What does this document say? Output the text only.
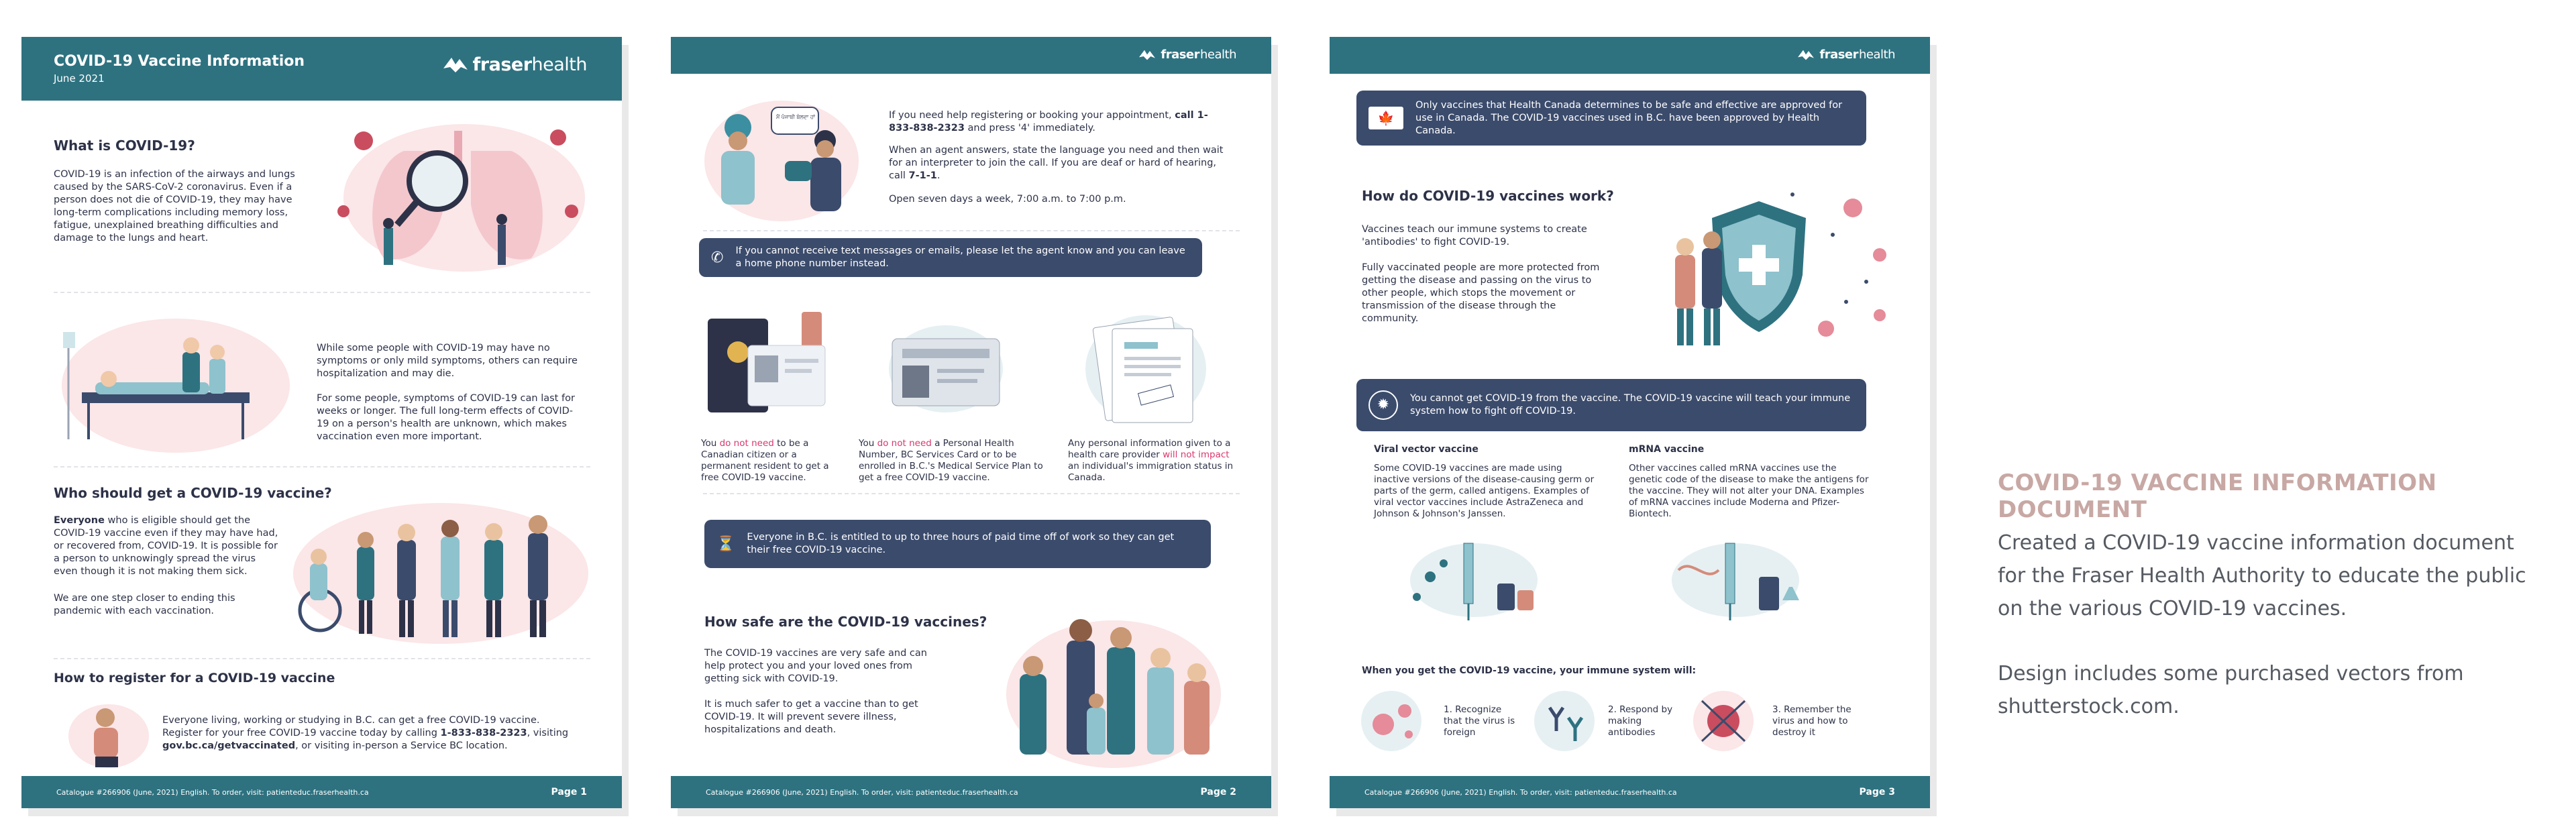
COVID-19 Vaccine Information
June 2021
fraser health
What is COVID-19?
COVID-19 is an infection of the airways and lungs caused by the SARS-CoV-2 coronavirus. Even if a person does not die of COVID-19, they may have long-term complications including memory loss, fatigue, unexplained breathing difficulties and damage to the lungs and heart.
While some people with COVID-19 may have no symptoms or only mild symptoms, others can require hospitalization and may die.
For some people, symptoms of COVID-19 can last for weeks or longer. The full long-term effects of COVID-19 on a person's health are unknown, which makes vaccination even more important.
Who should get a COVID-19 vaccine?
Everyone who is eligible should get the COVID-19 vaccine even if they may have had, or recovered from, COVID-19. It is possible for a person to unknowingly spread the virus even though it is not making them sick.
We are one step closer to ending this pandemic with each vaccination.
How to register for a COVID-19 vaccine
Everyone living, working or studying in B.C. can get a free COVID-19 vaccine. Register for your free COVID-19 vaccine today by calling 1-833-838-2323, visiting gov.bc.ca/getvaccinated, or visiting in-person a Service BC location.
Catalogue #266906 (June, 2021) English. To order, visit: patienteduc.fraserhealth.ca	Page 1
fraser health
ਮੈਂ ਪੰਜਾਬੀ ਬੋਲਦਾ ਹਾਂ	If you need help registering or booking your appointment, call 1-833-838-2323 and press '4' immediately.
When an agent answers, state the language you need and then wait for an interpreter to join the call. If you are deaf or hard of hearing, call 7-1-1.
Open seven days a week, 7:00 a.m. to 7:00 p.m.
✆ If you cannot receive text messages or emails, please let the agent know and you can leave a home phone number instead.
You do not need to be a Canadian citizen or a permanent resident to get a free COVID-19 vaccine.
You do not need a Personal Health Number, BC Services Card or to be enrolled in B.C.'s Medical Service Plan to get a free COVID-19 vaccine.
Any personal information given to a health care provider will not impact an individual's immigration status in Canada.
⏳ Everyone in B.C. is entitled to up to three hours of paid time off of work so they can get their free COVID-19 vaccine.
How safe are the COVID-19 vaccines?
The COVID-19 vaccines are very safe and can help protect you and your loved ones from getting sick with COVID-19.
It is much safer to get a vaccine than to get COVID-19. It will prevent severe illness, hospitalizations and death.
Catalogue #266906 (June, 2021) English. To order, visit: patienteduc.fraserhealth.ca	Page 2
fraser health
🍁
Only vaccines that Health Canada determines to be safe and effective are approved for use in Canada. The COVID-19 vaccines used in B.C. have been approved by Health Canada.
How do COVID-19 vaccines work?
Vaccines teach our immune systems to create 'antibodies' to fight COVID-19.
Fully vaccinated people are more protected from getting the disease and passing on the virus to other people, which stops the movement or transmission of the disease through the community.
✹	You cannot get COVID-19 from the vaccine. The COVID-19 vaccine will teach your immune system how to fight off COVID-19.
Viral vector vaccine
Some COVID-19 vaccines are made using inactive versions of the disease-causing germ or parts of the germ, called antigens. Examples of viral vector vaccines include AstraZeneca and Johnson & Johnson's Janssen.
mRNA vaccine
Other vaccines called mRNA vaccines use the genetic code of the disease to make the antigens for the vaccine. They will not alter your DNA. Examples of mRNA vaccines include Moderna and Pfizer-Biontech.
When you get the COVID-19 vaccine, your immune system will:
1. Recognize that the virus is foreign
2. Respond by making antibodies
3. Remember the virus and how to destroy it
Catalogue #266906 (June, 2021) English. To order, visit: patienteduc.fraserhealth.ca	Page 3
COVID-19 VACCINE INFORMATION DOCUMENT
Created a COVID-19 vaccine information document for the Fraser Health Authority to educate the public on the various COVID-19 vaccines.
Design includes some purchased vectors from shutterstock.com.
